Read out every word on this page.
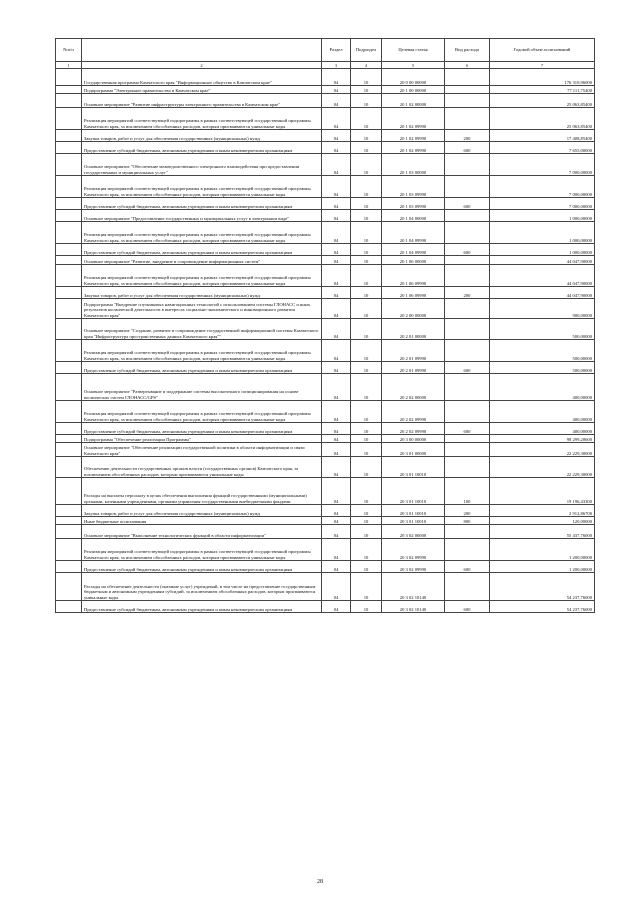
№п/п		Раздел	Подраздел	Целевая статья	Вид расхода	Годовой объем ассигнований
1	2	3	4	5	6	7
	Государственная программа Камчатского края "Информационное общество в Камчатском крае"	04	10	20 0 00 00000		176 310,96000
	Подпрограмма "Электронное правительство в Камчатском крае"	04	10	20 1 00 00000		77 111,75400
	Основное мероприятие "Развитие инфраструктуры электронного правительства в Камчатском крае"	04	10	20 1 02 00000		25 063,85400
	Реализация мероприятий соответствующей подпрограммы в рамках соответствующей государственной программы Камчатского края, за исключением обособленных расходов, которым присваиваются уникальные коды	04	10	20 1 02 09990		25 063,85400
	Закупка товаров, работ и услуг для обеспечения государственных (муниципальных) нужд	04	10	20 1 02 09990	200	17 408,85400
	Предоставление субсидий бюджетным, автономным учреждениям и иным некоммерческим организациям	04	10	20 1 02 09990	600	7 655,00000
	Основное мероприятие "Обеспечение межведомственного электронного взаимодействия при предоставлении государственных и муниципальных услуг"	04	10	20 1 03 00000		7 000,00000
	Реализация мероприятий соответствующей подпрограммы в рамках соответствующей государственной программы Камчатского края, за исключением обособленных расходов, которым присваиваются уникальные коды	04	10	20 1 03 09990		7 000,00000
	Предоставление субсидий бюджетным, автономным учреждениям и иным некоммерческим организациям	04	10	20 1 03 09990	600	7 000,00000
	Основное мероприятие "Предоставление государственных и муниципальных услуг в электронном виде"	04	10	20 1 04 00000		1 000,00000
	Реализация мероприятий соответствующей подпрограммы в рамках соответствующей государственной программы Камчатского края, за исключением обособленных расходов, которым присваиваются уникальные коды	04	10	20 1 04 09990		1 000,00000
	Предоставление субсидий бюджетным, автономным учреждениям и иным некоммерческим организациям	04	10	20 1 04 09990	600	1 000,00000
	Основное мероприятие "Развитие, внедрение и сопровождение информационных систем"	04	10	20 1 06 00000		44 047,90000
	Реализация мероприятий соответствующей подпрограммы в рамках соответствующей государственной программы Камчатского края, за исключением обособленных расходов, которым присваиваются уникальные коды	04	10	20 1 06 09990		44 047,90000
	Закупка товаров, работ и услуг для обеспечения государственных (муниципальных) нужд	04	10	20 1 06 09990	200	44 047,90000
	Подпрограмма "Внедрение спутниковых навигационных технологий с использованием системы ГЛОНАСС и иных результатов космической деятельности в интересах социально-экономического и инновационного развития Камчатского края"	04	10	20 2 00 00000		900,00000
	Основное мероприятие "Создание, развитие и сопровождение государственной информационной системы Камчатского края "Инфраструктура пространственных данных Камчатского края""	04	10	20 2 01 00000		500,00000
	Реализация мероприятий соответствующей подпрограммы в рамках соответствующей государственной программы Камчатского края, за исключением обособленных расходов, которым присваиваются уникальные коды	04	10	20 2 01 09990		500,00000
	Предоставление субсидий бюджетным, автономным учреждениям и иным некоммерческим организациям	04	10	20 2 01 09990	600	500,00000
	Основное мероприятие "Развертывание и поддержание системы высокоточного позиционирования на основе космических систем ГЛОНАСС/GPS"	04	10	20 2 02 00000		400,00000
	Реализация мероприятий соответствующей подпрограммы в рамках соответствующей государственной программы Камчатского края, за исключением обособленных расходов, которым присваиваются уникальные коды	04	10	20 2 02 09990		400,00000
	Предоставление субсидий бюджетным, автономным учреждениям и иным некоммерческим организациям	04	10	20 2 02 09990	600	400,00000
	Подпрограмма "Обеспечение реализации Программы"	04	10	20 3 00 00000		98 299,20600
	Основное мероприятие "Обеспечение реализации государственной политики в области информатизации и связи Камчатского края"	04	10	20 3 01 00000		22 229,30000
	Обеспечение деятельности государственных органов власти (государственных органов) Камчатского края, за исключением обособленных расходов, которым присваиваются уникальные коды	04	10	20 3 01 10010		22 229,30000
	Расходы на выплаты персоналу в целях обеспечения выполнения функций государственными (муниципальными) органами, казенными учреждениями, органами управления государственными внебюджетными фондами	04	10	20 3 01 10010	100	19 196,43300
	Закупка товаров, работ и услуг для обеспечения государственных (муниципальных) нужд	04	10	20 3 01 10010	200	2 912,86700
	Иные бюджетные ассигнования	04	10	20 3 01 10010	800	120,00000
	Основное мероприятие "Выполнение технологических функций в области информатизации"	04	10	20 3 02 00000		55 437,76000
	Реализация мероприятий соответствующей подпрограммы в рамках соответствующей государственной программы Камчатского края, за исключением обособленных расходов, которым присваиваются уникальные коды	04	10	20 3 02 09990		1 200,00000
	Предоставление субсидий бюджетным, автономным учреждениям и иным некоммерческим организациям	04	10	20 3 02 09990	600	1 200,00000
	Расходы на обеспечение деятельности (оказание услуг) учреждений, в том числе на предоставление государственным бюджетным и автономным учреждениям субсидий, за исключением обособленных расходов, которым присваиваются уникальные коды	04	10	20 3 02 10140		54 237,76000
	Предоставление субсидий бюджетным, автономным учреждениям и иным некоммерческим организациям	04	10	20 3 02 10140	600	54 237,76000
28
